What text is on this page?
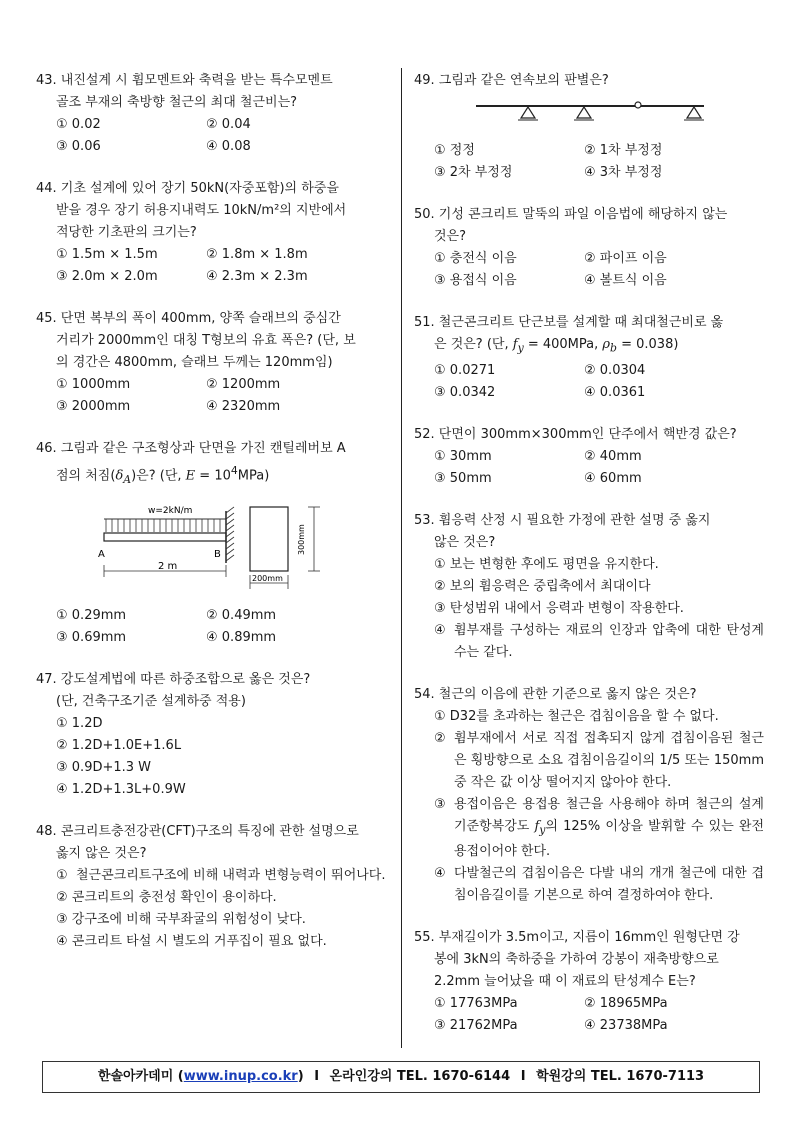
43. 내진설계 시 휨모멘트와 축력을 받는 특수모멘트
골조 부재의 축방향 철근의 최대 철근비는?
① 0.02	② 0.04
③ 0.06	④ 0.08
44. 기초 설계에 있어 장기 50kN(자중포함)의 하중을
받을 경우 장기 허용지내력도 10kN/m²의 지반에서
적당한 기초판의 크기는?
① 1.5m × 1.5m	② 1.8m × 1.8m
③ 2.0m × 2.0m	④ 2.3m × 2.3m
45. 단면 복부의 폭이 400mm, 양쪽 슬래브의 중심간
거리가 2000mm인 대칭 T형보의 유효 폭은? (단, 보
의 경간은 4800mm, 슬래브 두께는 120mm임)
① 1000mm	② 1200mm
③ 2000mm	④ 2320mm
46. 그림과 같은 구조형상과 단면을 가진 캔틸레버보 A
점의 처짐$(\delta_A)$은? (단, $E = 10^4MPa$)
w=2kN/m
A	B
2 m
300mm
200mm
① 0.29mm	② 0.49mm
③ 0.69mm	④ 0.89mm
47. 강도설계법에 따른 하중조합으로 옳은 것은?
(단, 건축구조기준 설계하중 적용)
① 1.2D
② 1.2D+1.0E+1.6L
③ 0.9D+1.3 W
④ 1.2D+1.3L+0.9W
48. 콘크리트충전강관(CFT)구조의 특징에 관한 설명으로
옳지 않은 것은?
① 철근콘크리트구조에 비해 내력과 변형능력이 뛰어나다.
② 콘크리트의 충전성 확인이 용이하다.
③ 강구조에 비해 국부좌굴의 위험성이 낮다.
④ 콘크리트 타설 시 별도의 거푸집이 필요 없다.
49. 그림과 같은 연속보의 판별은?
① 정정	② 1차 부정정
③ 2차 부정정	④ 3차 부정정
50. 기성 콘크리트 말뚝의 파일 이음법에 해당하지 않는
것은?
① 충전식 이음	② 파이프 이음
③ 용접식 이음	④ 볼트식 이음
51. 철근콘크리트 단근보를 설계할 때 최대철근비로 옳
은 것은? (단, $f_y = 400MPa$, $\rho_b = 0.038$)
① 0.0271	② 0.0304
③ 0.0342	④ 0.0361
52. 단면이 300mm×300mm인 단주에서 핵반경 값은?
① 30mm	② 40mm
③ 50mm	④ 60mm
53. 휨응력 산정 시 필요한 가정에 관한 설명 중 옳지
않은 것은?
① 보는 변형한 후에도 평면을 유지한다.
② 보의 휨응력은 중립축에서 최대이다
③ 탄성범위 내에서 응력과 변형이 작용한다.
④ 휨부재를 구성하는 재료의 인장과 압축에 대한 탄성계수는 같다.
54. 철근의 이음에 관한 기준으로 옳지 않은 것은?
① D32를 초과하는 철근은 겹침이음을 할 수 없다.
② 휨부재에서 서로 직접 접촉되지 않게 겹침이음된 철근은 횡방향으로 소요 겹침이음길이의 1/5 또는 150mm 중 작은 값 이상 떨어지지 않아야 한다.
③ 용접이음은 용접용 철근을 사용해야 하며 철근의 설계기준항복강도 $f_y$의 125% 이상을 발휘할 수 있는 완전용접이어야 한다.
④ 다발철근의 겹침이음은 다발 내의 개개 철근에 대한 겹침이음길이를 기본으로 하여 결정하여야 한다.
55. 부재길이가 3.5m이고, 지름이 16mm인 원형단면 강
봉에 3kN의 축하중을 가하여 강봉이 재축방향으로
2.2mm 늘어났을 때 이 재료의 탄성계수 E는?
① 17763MPa	② 18965MPa
③ 21762MPa	④ 23738MPa
한솔아카데미 (www.inup.co.kr) I 온라인강의 TEL. 1670-6144 I 학원강의 TEL. 1670-7113
